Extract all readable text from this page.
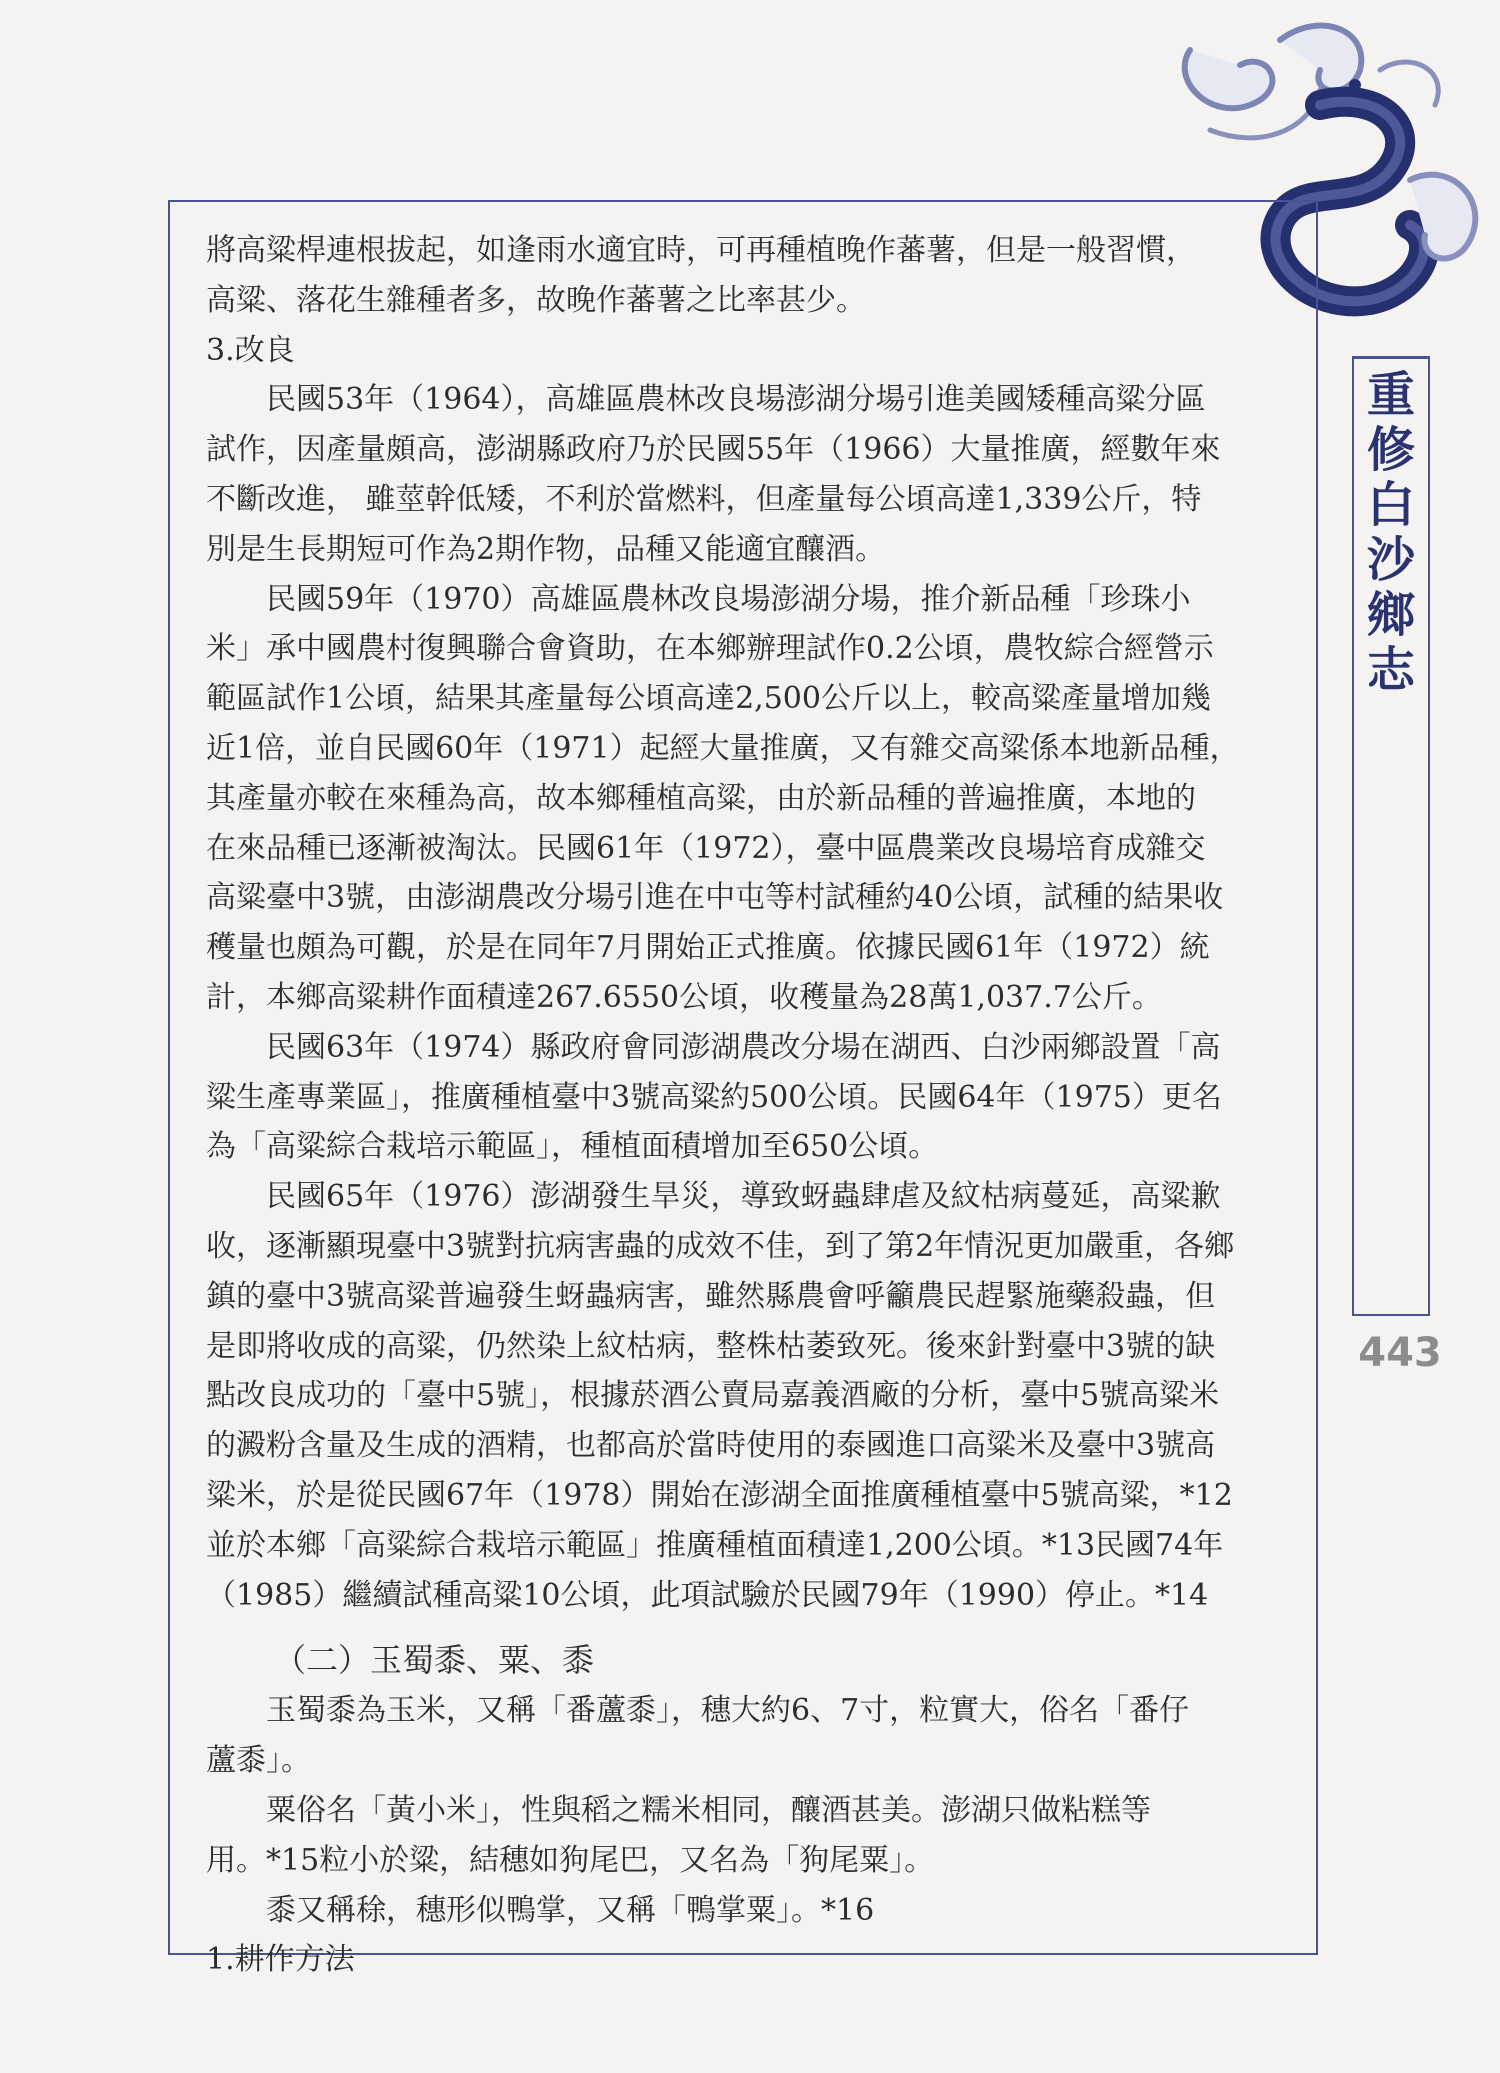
重修白沙鄉志
443
將高粱桿連根拔起，如逢雨水適宜時，可再種植晚作蕃薯，但是一般習慣，
高粱、落花生雜種者多，故晚作蕃薯之比率甚少。
3.改良
民國53年（1964），高雄區農林改良場澎湖分場引進美國矮種高粱分區
試作，因產量頗高，澎湖縣政府乃於民國55年（1966）大量推廣，經數年來
不斷改進， 雖莖幹低矮，不利於當燃料，但產量每公頃高達1,339公斤，特
別是生長期短可作為2期作物，品種又能適宜釀酒。
民國59年（1970）高雄區農林改良場澎湖分場，推介新品種「珍珠小
米」承中國農村復興聯合會資助，在本鄉辦理試作0.2公頃，農牧綜合經營示
範區試作1公頃，結果其產量每公頃高達2,500公斤以上，較高粱產量增加幾
近1倍，並自民國60年（1971）起經大量推廣，又有雜交高粱係本地新品種，
其產量亦較在來種為高，故本鄉種植高粱，由於新品種的普遍推廣，本地的
在來品種已逐漸被淘汰。民國61年（1972），臺中區農業改良場培育成雜交
高粱臺中3號，由澎湖農改分場引進在中屯等村試種約40公頃，試種的結果收
穫量也頗為可觀，於是在同年7月開始正式推廣。依據民國61年（1972）統
計，本鄉高粱耕作面積達267.6550公頃，收穫量為28萬1,037.7公斤。
民國63年（1974）縣政府會同澎湖農改分場在湖西、白沙兩鄉設置「高
粱生產專業區」，推廣種植臺中3號高粱約500公頃。民國64年（1975）更名
為「高粱綜合栽培示範區」，種植面積增加至650公頃。
民國65年（1976）澎湖發生旱災，導致蚜蟲肆虐及紋枯病蔓延，高粱歉
收，逐漸顯現臺中3號對抗病害蟲的成效不佳，到了第2年情況更加嚴重，各鄉
鎮的臺中3號高粱普遍發生蚜蟲病害，雖然縣農會呼籲農民趕緊施藥殺蟲，但
是即將收成的高粱，仍然染上紋枯病，整株枯萎致死。後來針對臺中3號的缺
點改良成功的「臺中5號」，根據菸酒公賣局嘉義酒廠的分析，臺中5號高粱米
的澱粉含量及生成的酒精，也都高於當時使用的泰國進口高粱米及臺中3號高
粱米，於是從民國67年（1978）開始在澎湖全面推廣種植臺中5號高粱，*12
並於本鄉「高粱綜合栽培示範區」推廣種植面積達1,200公頃。*13民國74年
（1985）繼續試種高粱10公頃，此項試驗於民國79年（1990）停止。*14
（二）玉蜀黍、粟、黍
玉蜀黍為玉米，又稱「番蘆黍」，穗大約6、7寸，粒實大，俗名「番仔
蘆黍」。
粟俗名「黃小米」，性與稻之糯米相同，釀酒甚美。澎湖只做粘糕等
用。*15粒小於粱，結穗如狗尾巴，又名為「狗尾粟」。
黍又稱稌，穗形似鴨掌，又稱「鴨掌粟」。*16
1.耕作方法
